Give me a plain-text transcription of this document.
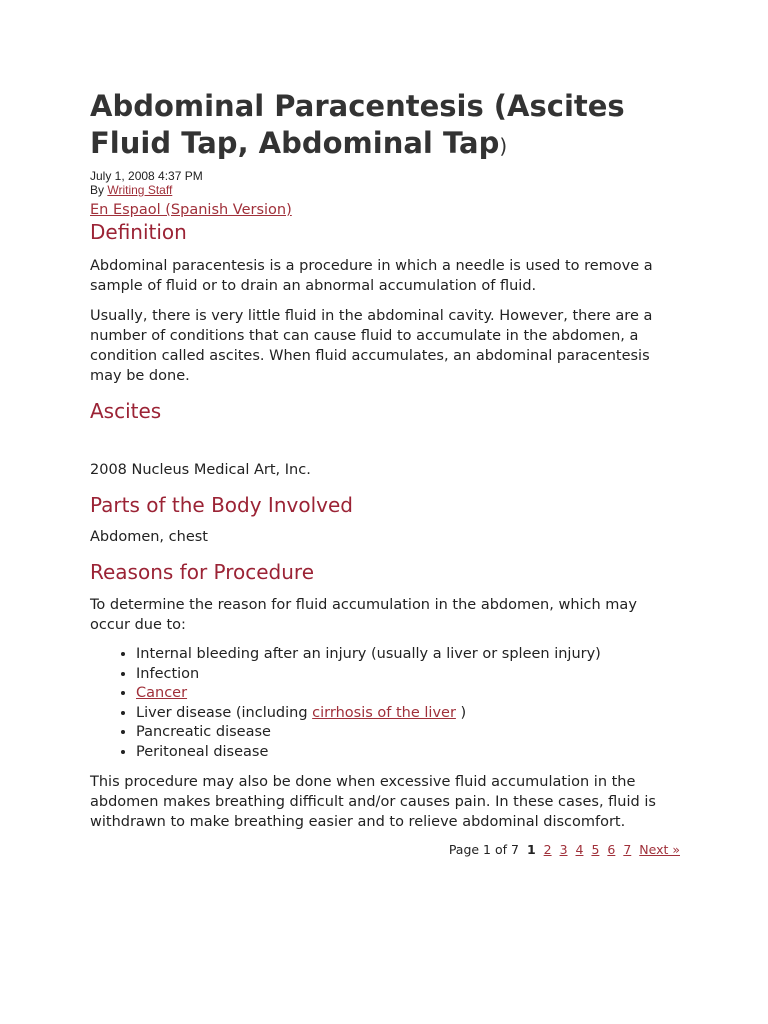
Abdominal Paracentesis (Ascites Fluid Tap, Abdominal Tap)
July 1, 2008 4:37 PM
By Writing Staff
En Espaol (Spanish Version)
Definition

Abdominal paracentesis is a procedure in which a needle is used to remove a sample of fluid or to drain an abnormal accumulation of fluid.

Usually, there is very little fluid in the abdominal cavity. However, there are a number of conditions that can cause fluid to accumulate in the abdomen, a condition called ascites. When fluid accumulates, an abdominal paracentesis may be done.

Ascites

2008 Nucleus Medical Art, Inc.

Parts of the Body Involved

Abdomen, chest

Reasons for Procedure

To determine the reason for fluid accumulation in the abdomen, which may occur due to:

• Internal bleeding after an injury (usually a liver or spleen injury)
• Infection
• Cancer
• Liver disease (including cirrhosis of the liver )
• Pancreatic disease
• Peritoneal disease

This procedure may also be done when excessive fluid accumulation in the abdomen makes breathing difficult and/or causes pain. In these cases, fluid is withdrawn to make breathing easier and to relieve abdominal discomfort.

Page 1 of 7 1 2 3 4 5 6 7 Next »
